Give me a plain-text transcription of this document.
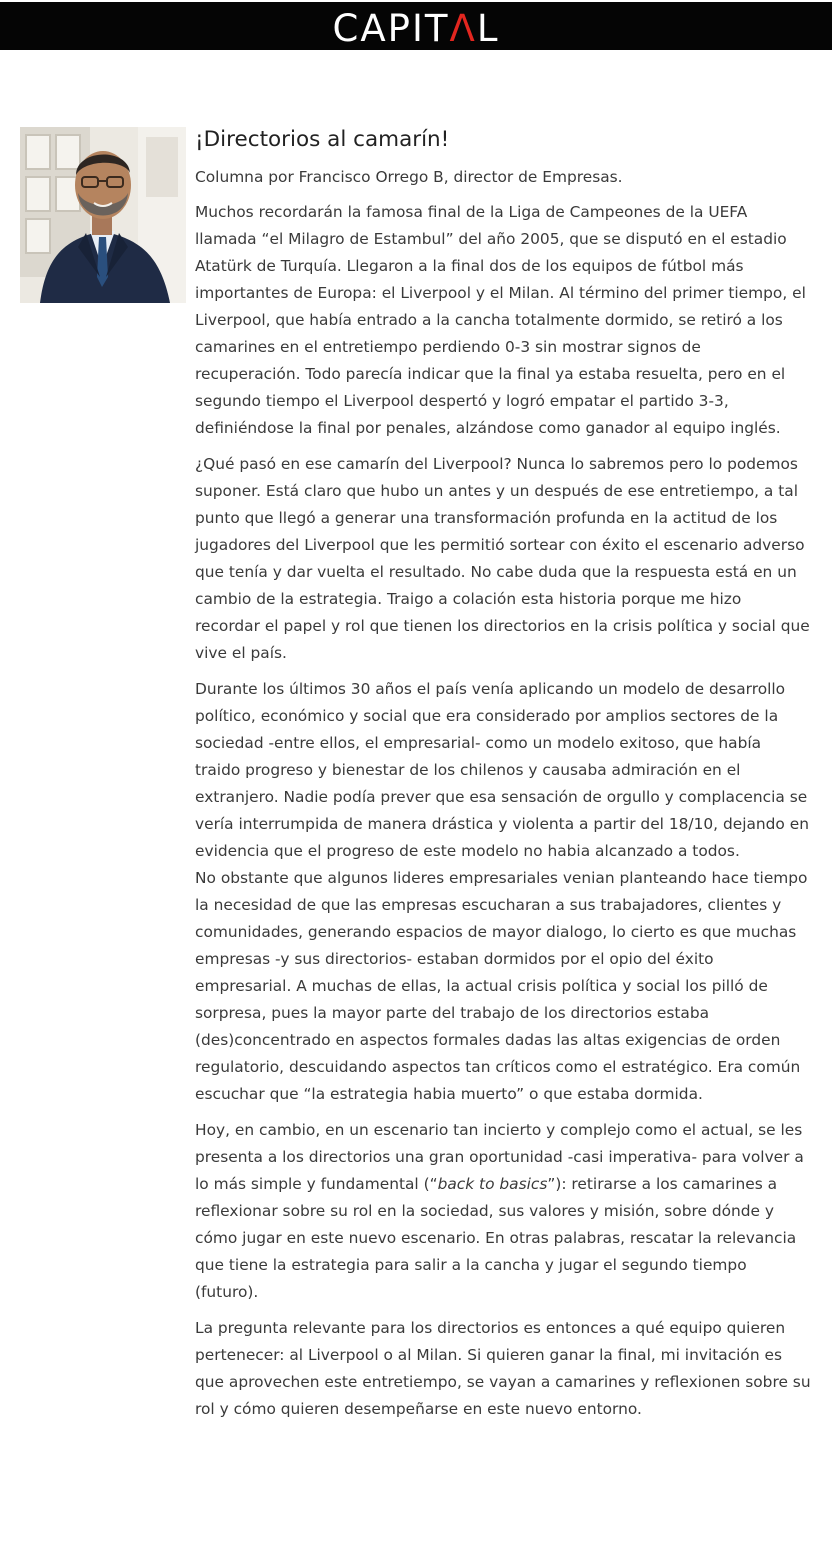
CAPITΛL
¡Directorios al camarín!

Columna por Francisco Orrego B, director de Empresas.

Muchos recordarán la famosa final de la Liga de Campeones de la UEFA llamada “el Milagro de Estambul” del año 2005, que se disputó en el estadio Atatürk de Turquía. Llegaron a la final dos de los equipos de fútbol más importantes de Europa: el Liverpool y el Milan. Al término del primer tiempo, el Liverpool, que había entrado a la cancha totalmente dormido, se retiró a los camarines en el entretiempo perdiendo 0-3 sin mostrar signos de recuperación. Todo parecía indicar que la final ya estaba resuelta, pero en el segundo tiempo el Liverpool despertó y logró empatar el partido 3-3, definiéndose la final por penales, alzándose como ganador al equipo inglés.

¿Qué pasó en ese camarín del Liverpool? Nunca lo sabremos pero lo podemos suponer. Está claro que hubo un antes y un después de ese entretiempo, a tal punto que llegó a generar una transformación profunda en la actitud de los jugadores del Liverpool que les permitió sortear con éxito el escenario adverso que tenía y dar vuelta el resultado. No cabe duda que la respuesta está en un cambio de la estrategia. Traigo a colación esta historia porque me hizo recordar el papel y rol que tienen los directorios en la crisis política y social que vive el país.

Durante los últimos 30 años el país venía aplicando un modelo de desarrollo político, económico y social que era considerado por amplios sectores de la sociedad -entre ellos, el empresarial- como un modelo exitoso, que había traido progreso y bienestar de los chilenos y causaba admiración en el extranjero. Nadie podía prever que esa sensación de orgullo y complacencia se vería interrumpida de manera drástica y violenta a partir del 18/10, dejando en evidencia que el progreso de este modelo no habia alcanzado a todos.

No obstante que algunos lideres empresariales venian planteando hace tiempo la necesidad de que las empresas escucharan a sus trabajadores, clientes y comunidades, generando espacios de mayor dialogo, lo cierto es que muchas empresas -y sus directorios- estaban dormidos por el opio del éxito empresarial. A muchas de ellas, la actual crisis política y social los pilló de sorpresa, pues la mayor parte del trabajo de los directorios estaba (des)concentrado en aspectos formales dadas las altas exigencias de orden regulatorio, descuidando aspectos tan críticos como el estratégico. Era común escuchar que “la estrategia habia muerto” o que estaba dormida.

Hoy, en cambio, en un escenario tan incierto y complejo como el actual, se les presenta a los directorios una gran oportunidad -casi imperativa- para volver a lo más simple y fundamental (“back to basics”): retirarse a los camarines a reflexionar sobre su rol en la sociedad, sus valores y misión, sobre dónde y cómo jugar en este nuevo escenario. En otras palabras, rescatar la relevancia que tiene la estrategia para salir a la cancha y jugar el segundo tiempo (futuro).

La pregunta relevante para los directorios es entonces a qué equipo quieren pertenecer: al Liverpool o al Milan. Si quieren ganar la final, mi invitación es que aprovechen este entretiempo, se vayan a camarines y reflexionen sobre su rol y cómo quieren desempeñarse en este nuevo entorno.
